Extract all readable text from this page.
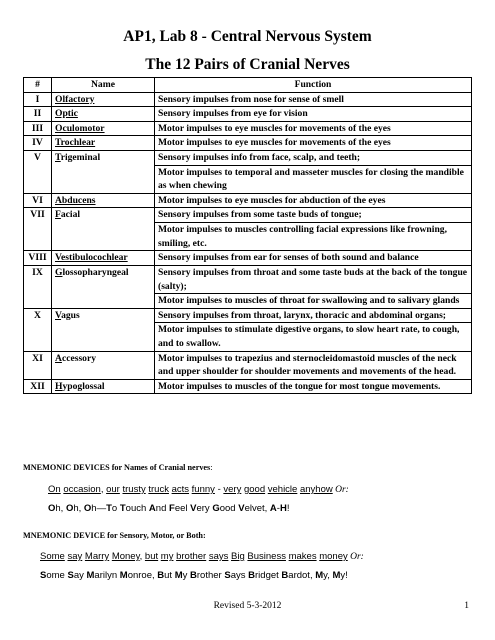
AP1, Lab 8 - Central Nervous System
The 12 Pairs of Cranial Nerves
#	Name	Function
I	Olfactory	Sensory impulses from nose for sense of smell

II	Optic	Sensory impulses from eye for vision

III	Oculomotor	Motor impulses to eye muscles for movements of the eyes

IV	Trochlear	Motor impulses to eye muscles for movements of the eyes

V	Trigeminal	Sensory impulses info from face, scalp, and teeth;
Motor impulses to temporal and masseter muscles for closing the mandible as when chewing

VI	Abducens	Motor impulses to eye muscles for abduction of the eyes

VII	Facial	Sensory impulses from some taste buds of tongue;
Motor impulses to muscles controlling facial expressions like frowning, smiling, etc.

VIII	Vestibulocochlear	Sensory impulses from ear for senses of both sound and balance

IX	Glossopharyngeal	Sensory impulses from throat and some taste buds at the back of the tongue (salty);
Motor impulses to muscles of throat for swallowing and to salivary glands

X	Vagus	Sensory impulses from throat, larynx, thoracic and abdominal organs;
Motor impulses to stimulate digestive organs, to slow heart rate, to cough, and to swallow.

XI	Accessory	Motor impulses to trapezius and sternocleidomastoid muscles of the neck and upper shoulder for shoulder movements and movements of the head.

XII	Hypoglossal	Motor impulses to muscles of the tongue for most tongue movements.
MNEMONIC DEVICES for Names of Cranial nerves:
On occasion, our trusty truck acts funny - very good vehicle anyhow Or:
Oh, Oh, Oh—To Touch And Feel Very Good Velvet, A-H!
MNEMONIC DEVICE for Sensory, Motor, or Both:
Some say Marry Money, but my brother says Big Business makes money Or:
Some Say Marilyn Monroe, But My Brother Says Bridget Bardot, My, My!
Revised 5-3-2012	1
